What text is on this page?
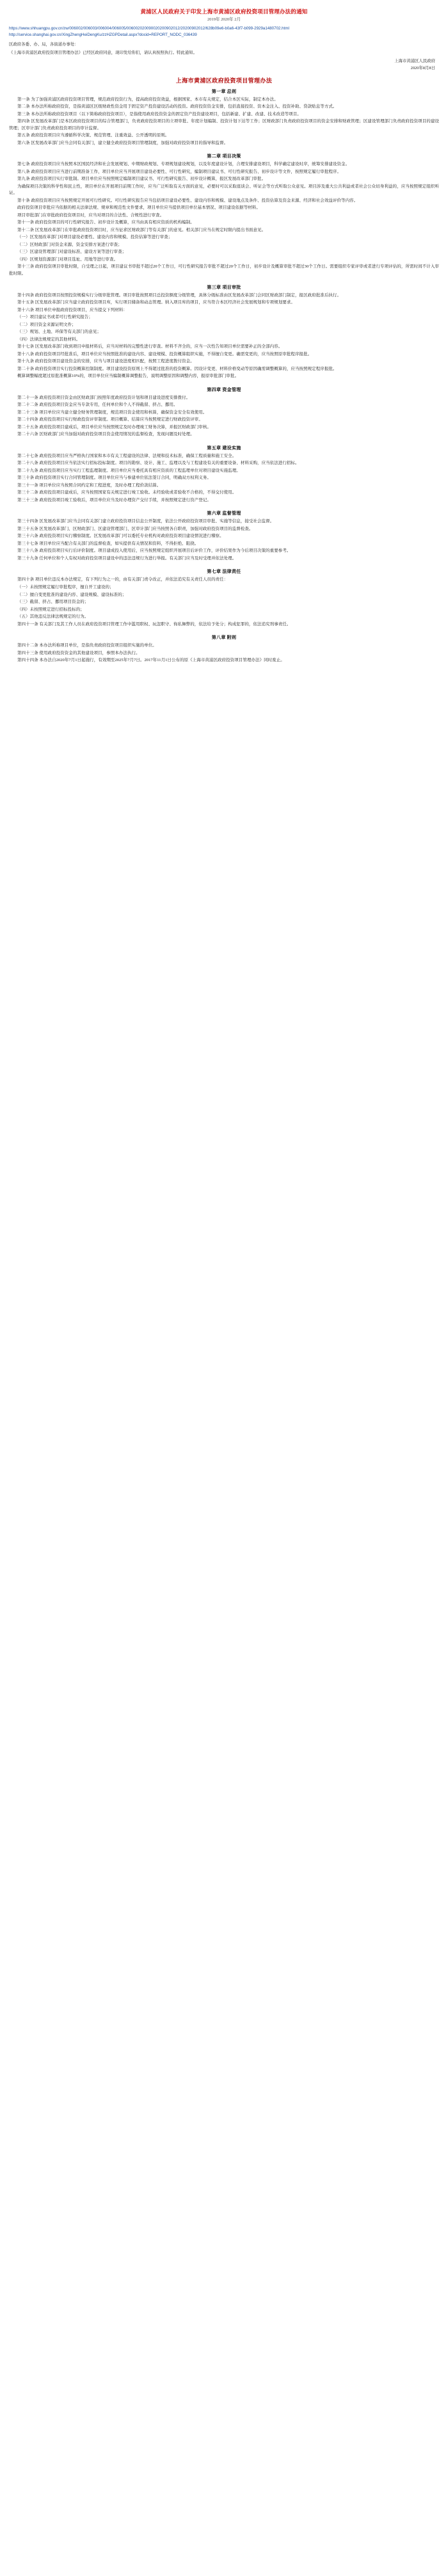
黄浦区人民政府关于印发上海市黄浦区政府投资项目管理办法的通知
2019年 2020年 2月
https://www.shhuangpu.gov.cn/zw/006002/006003/006004/006005/006002020090020200902012/20200902012/628b09e6-b0a6-43f7-b099-2929a1480702.html
http://service.shanghai.gov.cn/XingZhengHeiDengKu/zzHZGPDetail.aspx?docid=REPORT_NODC_036439
区政府各委、办、局，各街道办事处：
《上海市黄浦区政府投资项目管理办法》已经区政府同意，现印发给你们，请认真按照执行。特此通知。
上海市黄浦区人民政府
2020年8月8日
上海市黄浦区政府投资项目管理办法
第一章 总则

第一条 为了加强黄浦区政府投资项目管理，规范政府投资行为，提高政府投资效益，根据国家、本市有关规定，结合本区实际，制定本办法。

第二条 本办法所称政府投资，是指黄浦区区级财政性资金用于固定资产投资建设活动的投资。政府投资资金安排，包括直接投资、资本金注入、投资补助、贷款贴息等方式。

第三条 本办法所称政府投资项目（以下简称政府投资项目），是指使用政府投资资金的固定资产投资建设项目，包括新建、扩建、改建、技术改造等项目。

第四条 区发展改革部门是本区政府投资项目的综合管理部门，负责政府投资项目的立项审批、年度计划编制、投资计划下达等工作；区财政部门负责政府投资项目的资金安排和财政管理；区建设管理部门负责政府投资项目的建设管理；区审计部门负责政府投资项目的审计监督。

第五条 政府投资项目应当遵循科学决策、规范管理、注重效益、公开透明的原则。

第六条 区发展改革部门应当会同有关部门，建立健全政府投资项目管理制度，加强对政府投资项目的指导和监督。

第二章 项目决策

第七条 政府投资项目应当按照本区国民经济和社会发展规划、中期财政规划、专项规划建设规划，以及年度建设计划，合理安排建设项目，科学确定建设时序，统筹安排建设资金。

第八条 政府投资项目应当进行前期准备工作，项目单位应当开展项目建设必要性、可行性研究，编制项目建议书、可行性研究报告、初步设计等文件，按照规定履行审批程序。

第九条 政府投资项目实行审批制。项目单位应当按照规定编制项目建议书、可行性研究报告、初步设计概算，报区发展改革部门审批。

为确保项目决策的科学性和民主性，项目单位在开展项目前期工作时，应当广泛听取有关方面的意见，必要时可以采取座谈会、听证会等方式听取公众意见。项目涉及重大公共利益或者社会公众切身利益的，应当按照规定组织听证。

第十条 政府投资项目应当按照规定开展可行性研究。可行性研究报告应当包括项目建设必要性、建设内容和规模、建设地点及条件、投资估算及资金来源、经济和社会效益评价等内容。

政府投资项目审批应当依据的相关法律法规、规章和规范性文件要求，项目单位应当提供项目单位基本情况、项目建设依据等材料。

项目审批部门在审批政府投资项目时，应当对项目的合法性、合规性进行审查。

第十一条 政府投资项目的可行性研究报告、初步设计及概算，应当由具有相应资质的机构编制。

第十二条 区发展改革部门在审批政府投资项目时，应当征求区财政部门等有关部门的意见。相关部门应当在规定时限内提出书面意见。

（一）区发展改革部门对项目建设必要性、建设内容和规模、投资估算等进行审查；

（二）区财政部门对资金来源、资金安排方案进行审查；

（三）区建设管理部门对建设标准、建设方案等进行审查；

（四）区规划资源部门对项目选址、用地等进行审查。

第十三条 政府投资项目审批时限，自受理之日起，项目建议书审批不超过20个工作日，可行性研究报告审批不超过20个工作日，初步设计及概算审批不超过30个工作日。需要组织专家评审或者进行专项评估的，所需时间不计入审批时限。

第三章 项目审批

第十四条 政府投资项目按照投资规模实行分级审批管理。项目审批按照项目总投资额度分级管理，具体分级标准由区发展改革部门会同区财政部门制定，报区政府批准后执行。

第十五条 区发展改革部门应当建立政府投资项目库，实行项目储备和动态管理。纳入项目库的项目，应当符合本区经济社会发展规划和专项规划要求。

第十六条 项目单位申报政府投资项目，应当提交下列材料：

（一）项目建议书或者可行性研究报告；

（二）项目资金来源证明文件；

（三）规划、土地、环保等有关部门的意见；

（四）法律法规规定的其他材料。

第十七条 区发展改革部门收到项目申报材料后，应当对材料的完整性进行审查。材料不齐全的，应当一次性告知项目单位需要补正的全部内容。

第十八条 政府投资项目经批准后，项目单位应当按照批准的建设内容、建设规模、投资概算组织实施，不得擅自变更。确需变更的，应当按照原审批程序报批。

第十九条 政府投资项目建设资金的安排，应当与项目建设进度相匹配，按照工程进度拨付资金。

第二十条 政府投资项目实行投资概算控制制度。项目建设投资原则上不得超过批准的投资概算。因设计变更、材料价格变动等原因确需调整概算的，应当按照规定程序报批。

概算调整幅度超过原批准概算10%的，项目单位应当编制概算调整报告，说明调整原因和调整内容，报原审批部门审批。

第四章 资金管理

第二十一条 政府投资项目资金由区财政部门按照年度政府投资计划和项目建设进度安排拨付。

第二十二条 政府投资项目资金应当专款专用，任何单位和个人不得截留、挤占、挪用。

第二十三条 项目单位应当建立健全财务管理制度，规范项目资金使用和核算，确保资金安全有效使用。

第二十四条 政府投资项目实行财政投资评审制度。项目概算、结算应当按照规定进行财政投资评审。

第二十五条 政府投资项目建成后，项目单位应当按照规定及时办理竣工财务决算，并报区财政部门审核。

第二十六条 区财政部门应当加强对政府投资项目资金使用情况的监督检查，发现问题及时处理。

第五章 建设实施

第二十七条 政府投资项目应当严格执行国家和本市有关工程建设的法律、法规和技术标准，确保工程质量和施工安全。

第二十八条 政府投资项目应当依法实行招标投标制度。项目的勘察、设计、施工、监理以及与工程建设有关的重要设备、材料采购，应当依法进行招标。

第二十九条 政府投资项目应当实行工程监理制度。项目单位应当委托具有相应资质的工程监理单位对项目建设实施监理。

第三十条 政府投资项目实行合同管理制度。项目单位应当与参建单位依法签订合同，明确双方权利义务。

第三十一条 项目单位应当按照合同约定和工程进度，及时办理工程价款结算。

第三十二条 政府投资项目建成后，应当按照国家有关规定进行竣工验收。未经验收或者验收不合格的，不得交付使用。

第三十三条 政府投资项目竣工验收后，项目单位应当及时办理资产交付手续，并按照规定进行资产登记。

第六章 监督管理

第三十四条 区发展改革部门应当会同有关部门建立政府投资项目信息公开制度，依法公开政府投资项目审批、实施等信息，接受社会监督。

第三十五条 区发展改革部门、区财政部门、区建设管理部门、区审计部门应当按照各自职责，加强对政府投资项目的监督检查。

第三十六条 政府投资项目实行稽察制度。区发展改革部门可以委托专业机构对政府投资项目建设情况进行稽察。

第三十七条 项目单位应当配合有关部门的监督检查，如实提供有关情况和资料，不得拒绝、阻挠。

第三十八条 政府投资项目实行后评价制度。项目建成投入使用后，应当按照规定组织开展项目后评价工作，评价结果作为今后项目决策的重要参考。

第三十九条 任何单位和个人有权对政府投资项目建设中的违法违规行为进行举报。有关部门应当及时受理并依法处理。

第七章 法律责任

第四十条 项目单位违反本办法规定，有下列行为之一的，由有关部门责令改正，并依法追究有关责任人员的责任：

（一）未按照规定履行审批程序，擅自开工建设的；

（二）擅自变更批准的建设内容、建设规模、建设标准的；

（三）截留、挤占、挪用项目资金的；

（四）未按照规定进行招标投标的；

（五）其他违反法律法规规定的行为。

第四十一条 有关部门及其工作人员在政府投资项目管理工作中滥用职权、玩忽职守、徇私舞弊的，依法给予处分；构成犯罪的，依法追究刑事责任。

第八章 附则

第四十二条 本办法所称项目单位，是指负责政府投资项目组织实施的单位。

第四十三条 使用政府投资资金的其他建设项目，参照本办法执行。

第四十四条 本办法自2020年7月1日起施行，有效期至2025年7月7日。2017年11月1日公布的原《上海市黄浦区政府投资项目管理办法》同时废止。
